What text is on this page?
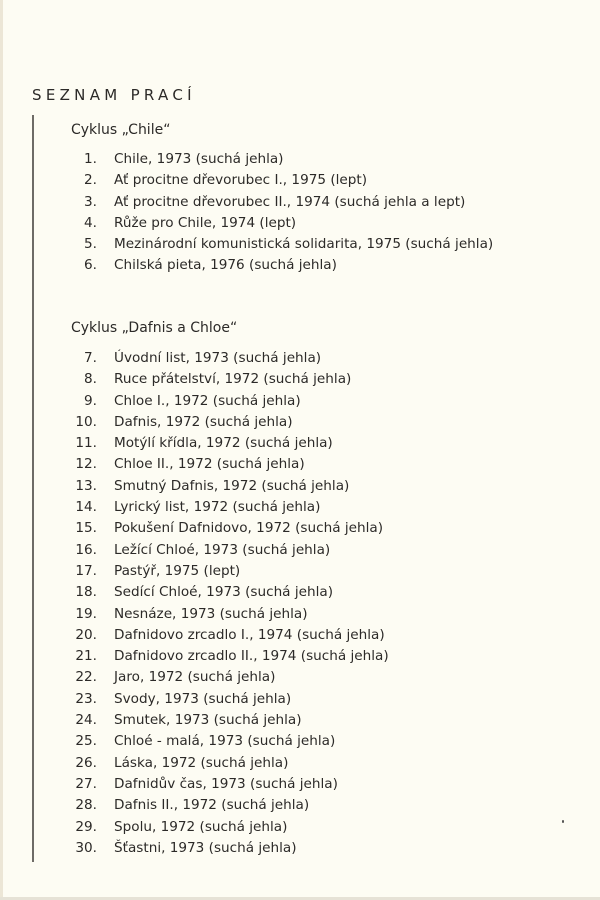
SEZNAM PRACÍ
Cyklus „Chile“
1. Chile, 1973 (suchá jehla)
2. Ať procitne dřevorubec I., 1975 (lept)
3. Ať procitne dřevorubec II., 1974 (suchá jehla a lept)
4. Růže pro Chile, 1974 (lept)
5. Mezinárodní komunistická solidarita, 1975 (suchá jehla)
6. Chilská pieta, 1976 (suchá jehla)
Cyklus „Dafnis a Chloe“
7. Úvodní list, 1973 (suchá jehla)
8. Ruce přátelství, 1972 (suchá jehla)
9. Chloe I., 1972 (suchá jehla)
10. Dafnis, 1972 (suchá jehla)
11. Motýlí křídla, 1972 (suchá jehla)
12. Chloe II., 1972 (suchá jehla)
13. Smutný Dafnis, 1972 (suchá jehla)
14. Lyrický list, 1972 (suchá jehla)
15. Pokušení Dafnidovo, 1972 (suchá jehla)
16. Ležící Chloé, 1973 (suchá jehla)
17. Pastýř, 1975 (lept)
18. Sedící Chloé, 1973 (suchá jehla)
19. Nesnáze, 1973 (suchá jehla)
20. Dafnidovo zrcadlo I., 1974 (suchá jehla)
21. Dafnidovo zrcadlo II., 1974 (suchá jehla)
22. Jaro, 1972 (suchá jehla)
23. Svody, 1973 (suchá jehla)
24. Smutek, 1973 (suchá jehla)
25. Chloé - malá, 1973 (suchá jehla)
26. Láska, 1972 (suchá jehla)
27. Dafnidův čas, 1973 (suchá jehla)
28. Dafnis II., 1972 (suchá jehla)
29. Spolu, 1972 (suchá jehla)
30. Šťastni, 1973 (suchá jehla)
